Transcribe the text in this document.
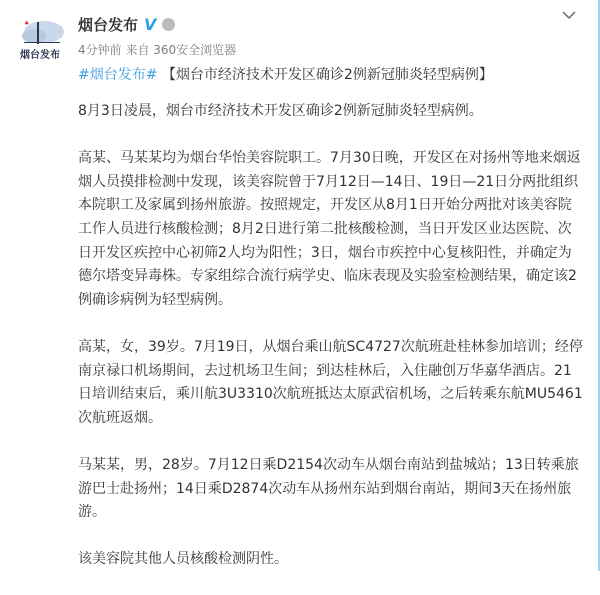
♠
烟台发布
烟台发布 V
4分钟前 来自 360安全浏览器
#烟台发布# 【烟台市经济技术开发区确诊2例新冠肺炎轻型病例】
8月3日凌晨，烟台市经济技术开发区确诊2例新冠肺炎轻型病例。
高某、马某某均为烟台华怡美容院职工。7月30日晚，开发区在对扬州等地来烟返
烟人员摸排检测中发现，该美容院曾于7月12日—14日、19日—21日分两批组织
本院职工及家属到扬州旅游。按照规定，开发区从8月1日开始分两批对该美容院
工作人员进行核酸检测；8月2日进行第二批核酸检测，当日开发区业达医院、次
日开发区疾控中心初筛2人均为阳性；3日，烟台市疾控中心复核阳性，并确定为
德尔塔变异毒株。专家组综合流行病学史、临床表现及实验室检测结果，确定该2
例确诊病例为轻型病例。
高某，女，39岁。7月19日，从烟台乘山航SC4727次航班赴桂林参加培训；经停
南京禄口机场期间，去过机场卫生间；到达桂林后，入住融创万华嘉华酒店。21
日培训结束后，乘川航3U3310次航班抵达太原武宿机场，之后转乘东航MU5461
次航班返烟。
马某某，男，28岁。7月12日乘D2154次动车从烟台南站到盐城站；13日转乘旅
游巴士赴扬州；14日乘D2874次动车从扬州东站到烟台南站，期间3天在扬州旅
游。
该美容院其他人员核酸检测阴性。
